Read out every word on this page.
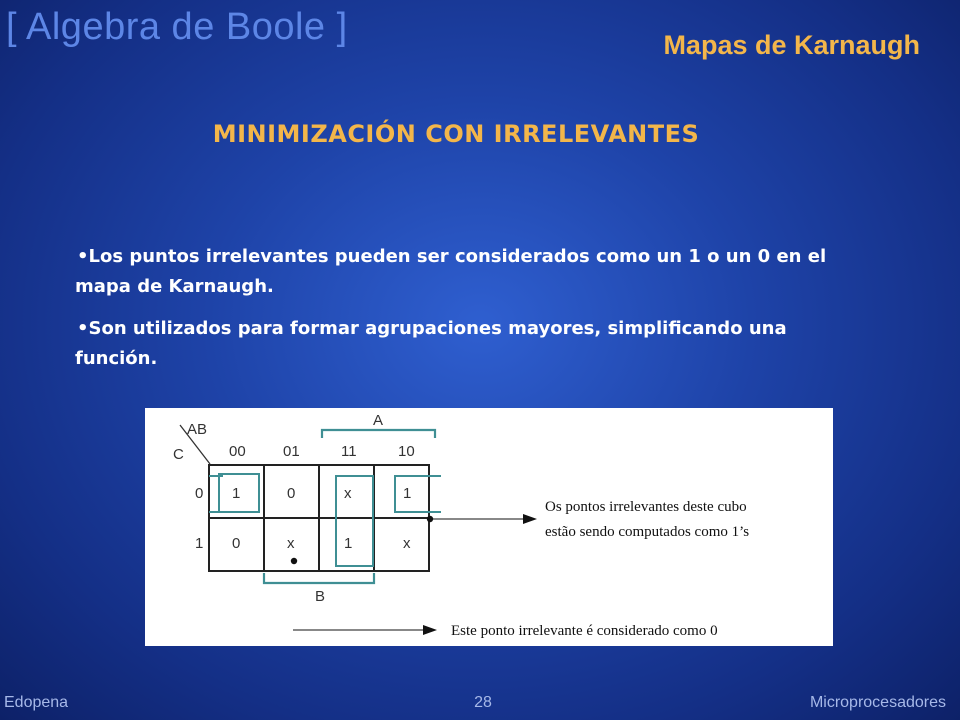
[ Algebra de Boole ]	Mapas de Karnaugh
MINIMIZACIÓN CON IRRELEVANTES
•Los puntos irrelevantes pueden ser considerados como un 1 o un 0 en el mapa de Karnaugh.
•Son utilizados para formar agrupaciones mayores, simplificando una función.
AB
C
A
00 01	11	10
0
1
1	0	x	1
0	x	1	x
B
Os pontos irrelevantes deste cubo
estão sendo computados como 1’s
Este ponto irrelevante é considerado como 0
Edopena	28	Microprocesadores
